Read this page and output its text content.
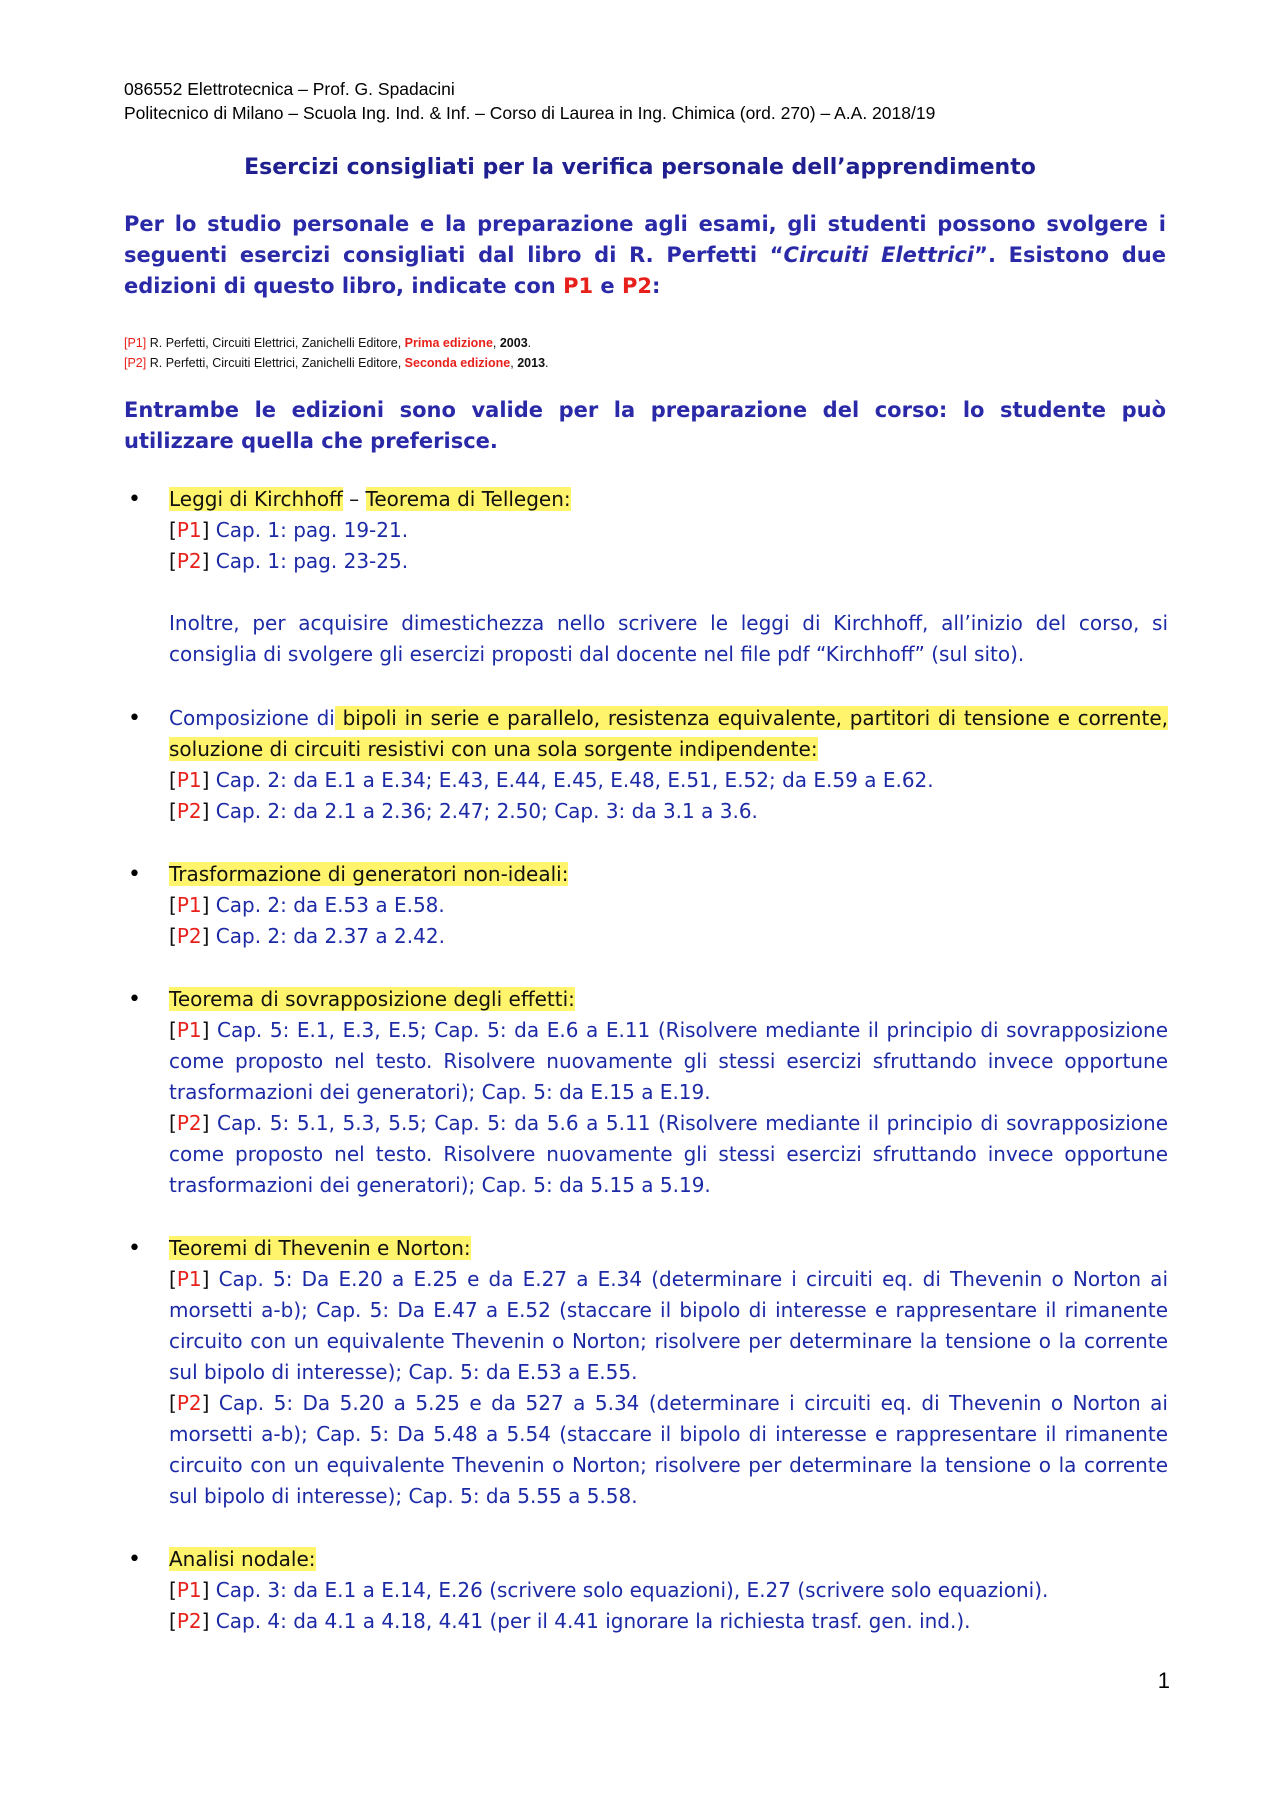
086552 Elettrotecnica – Prof. G. Spadacini
Politecnico di Milano – Scuola Ing. Ind. & Inf. – Corso di Laurea in Ing. Chimica (ord. 270) – A.A. 2018/19
Esercizi consigliati per la verifica personale dell’apprendimento
Per lo studio personale e la preparazione agli esami, gli studenti possono svolgere i seguenti esercizi consigliati dal libro di R. Perfetti “Circuiti Elettrici”. Esistono due edizioni di questo libro, indicate con P1 e P2:
[P1] R. Perfetti, Circuiti Elettrici, Zanichelli Editore, Prima edizione, 2003.
[P2] R. Perfetti, Circuiti Elettrici, Zanichelli Editore, Seconda edizione, 2013.
Entrambe le edizioni sono valide per la preparazione del corso: lo studente può utilizzare quella che preferisce.
• Leggi di Kirchhoff – Teorema di Tellegen:
[P1] Cap. 1: pag. 19-21.
[P2] Cap. 1: pag. 23-25.
Inoltre, per acquisire dimestichezza nello scrivere le leggi di Kirchhoff, all’inizio del corso, si consiglia di svolgere gli esercizi proposti dal docente nel file pdf “Kirchhoff” (sul sito).
• Composizione di bipoli in serie e parallelo, resistenza equivalente, partitori di tensione e corrente, soluzione di circuiti resistivi con una sola sorgente indipendente:
[P1] Cap. 2: da E.1 a E.34; E.43, E.44, E.45, E.48, E.51, E.52; da E.59 a E.62.
[P2] Cap. 2: da 2.1 a 2.36; 2.47; 2.50; Cap. 3: da 3.1 a 3.6.
• Trasformazione di generatori non-ideali:
[P1] Cap. 2: da E.53 a E.58.
[P2] Cap. 2: da 2.37 a 2.42.
• Teorema di sovrapposizione degli effetti:
[P1] Cap. 5: E.1, E.3, E.5; Cap. 5: da E.6 a E.11 (Risolvere mediante il principio di sovrapposizione come proposto nel testo. Risolvere nuovamente gli stessi esercizi sfruttando invece opportune trasformazioni dei generatori); Cap. 5: da E.15 a E.19.
[P2] Cap. 5: 5.1, 5.3, 5.5; Cap. 5: da 5.6 a 5.11 (Risolvere mediante il principio di sovrapposizione come proposto nel testo. Risolvere nuovamente gli stessi esercizi sfruttando invece opportune trasformazioni dei generatori); Cap. 5: da 5.15 a 5.19.
• Teoremi di Thevenin e Norton:
[P1] Cap. 5: Da E.20 a E.25 e da E.27 a E.34 (determinare i circuiti eq. di Thevenin o Norton ai morsetti a-b); Cap. 5: Da E.47 a E.52 (staccare il bipolo di interesse e rappresentare il rimanente circuito con un equivalente Thevenin o Norton; risolvere per determinare la tensione o la corrente sul bipolo di interesse); Cap. 5: da E.53 a E.55.
[P2] Cap. 5: Da 5.20 a 5.25 e da 527 a 5.34 (determinare i circuiti eq. di Thevenin o Norton ai morsetti a-b); Cap. 5: Da 5.48 a 5.54 (staccare il bipolo di interesse e rappresentare il rimanente circuito con un equivalente Thevenin o Norton; risolvere per determinare la tensione o la corrente sul bipolo di interesse); Cap. 5: da 5.55 a 5.58.
• Analisi nodale:
[P1] Cap. 3: da E.1 a E.14, E.26 (scrivere solo equazioni), E.27 (scrivere solo equazioni).
[P2] Cap. 4: da 4.1 a 4.18, 4.41 (per il 4.41 ignorare la richiesta trasf. gen. ind.).
1
